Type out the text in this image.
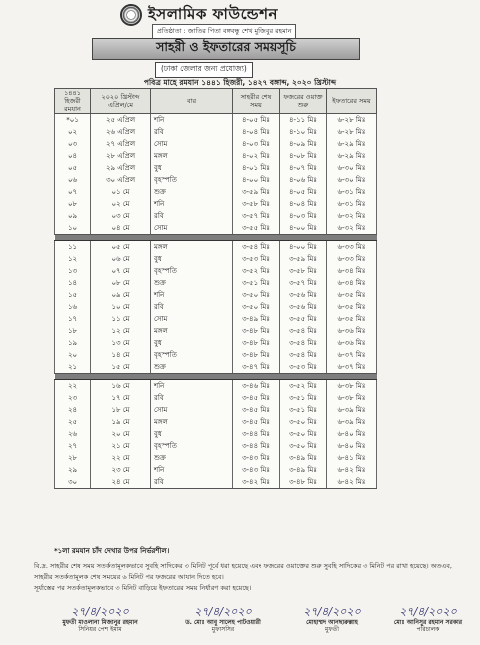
ইসলামিক ফাউন্ডেশন
প্রতিষ্ঠাতা : জাতির পিতা বঙ্গবন্ধু শেখ মুজিবুর রহমান
সাহরী ও ইফতারের সময়সূচি
(ঢাকা জেলার জন্য প্রযোজ্য)
পবিত্র মাহে রমযান ১৪৪১ হিজরী, ১৪২৭ বঙ্গাব্দ, ২০২০ খ্রিস্টাব্দ
১৪৪১ হিজরী রমযান	২০২০ খ্রিস্টাব্দ এপ্রিল/মে	বার	সাহরীর শেষ সময়	ফজরের ওয়াক্ত শুরু	ইফতারের সময়
*০১	২৫ এপ্রিল	শনি	৪-০৫ মিঃ	৪-১১ মিঃ	৬-২৮ মিঃ
০২	২৬ এপ্রিল	রবি	৪-০৪ মিঃ	৪-১০ মিঃ	৬-২৮ মিঃ
০৩	২৭ এপ্রিল	সোম	৪-০৩ মিঃ	৪-০৯ মিঃ	৬-২৯ মিঃ
০৪	২৮ এপ্রিল	মঙ্গল	৪-০২ মিঃ	৪-০৮ মিঃ	৬-২৯ মিঃ
০৫	২৯ এপ্রিল	বুধ	৪-০১ মিঃ	৪-০৭ মিঃ	৬-৩০ মিঃ
০৬	৩০ এপ্রিল	বৃহস্পতি	৪-০০ মিঃ	৪-০৬ মিঃ	৬-৩০ মিঃ
০৭	০১ মে	শুক্র	৩-৫৯ মিঃ	৪-০৫ মিঃ	৬-৩১ মিঃ
০৮	০২ মে	শনি	৩-৫৮ মিঃ	৪-০৪ মিঃ	৬-৩১ মিঃ
০৯	০৩ মে	রবি	৩-৫৭ মিঃ	৪-০৩ মিঃ	৬-৩২ মিঃ
১০	০৪ মে	সোম	৩-৫৫ মিঃ	৪-০০ মিঃ	৬-৩২ মিঃ

১১	০৫ মে	মঙ্গল	৩-৫৪ মিঃ	৪-০০ মিঃ	৬-৩৩ মিঃ
১২	০৬ মে	বুধ	৩-৫৩ মিঃ	৩-৫৯ মিঃ	৬-৩৩ মিঃ
১৩	০৭ মে	বৃহস্পতি	৩-৫২ মিঃ	৩-৫৮ মিঃ	৬-৩৪ মিঃ
১৪	০৮ মে	শুক্র	৩-৫১ মিঃ	৩-৫৭ মিঃ	৬-৩৪ মিঃ
১৫	০৯ মে	শনি	৩-৫০ মিঃ	৩-৫৬ মিঃ	৬-৩৫ মিঃ
১৬	১০ মে	রবি	৩-৫০ মিঃ	৩-৫৬ মিঃ	৬-৩৫ মিঃ
১৭	১১ মে	সোম	৩-৪৯ মিঃ	৩-৫৫ মিঃ	৬-৩৫ মিঃ
১৮	১২ মে	মঙ্গল	৩-৪৮ মিঃ	৩-৫৪ মিঃ	৬-৩৬ মিঃ
১৯	১৩ মে	বুধ	৩-৪৮ মিঃ	৩-৫৪ মিঃ	৬-৩৬ মিঃ
২০	১৪ মে	বৃহস্পতি	৩-৪৮ মিঃ	৩-৫৪ মিঃ	৬-৩৭ মিঃ
২১	১৫ মে	শুক্র	৩-৪৭ মিঃ	৩-৫৩ মিঃ	৬-৩৭ মিঃ

২২	১৬ মে	শনি	৩-৪৬ মিঃ	৩-৫২ মিঃ	৬-৩৮ মিঃ
২৩	১৭ মে	রবি	৩-৪৫ মিঃ	৩-৫১ মিঃ	৬-৩৮ মিঃ
২৪	১৮ মে	সোম	৩-৪৫ মিঃ	৩-৫১ মিঃ	৬-৩৯ মিঃ
২৫	১৯ মে	মঙ্গল	৩-৪৫ মিঃ	৩-৫০ মিঃ	৬-৩৯ মিঃ
২৬	২০ মে	বুধ	৩-৪৪ মিঃ	৩-৫০ মিঃ	৬-৪০ মিঃ
২৭	২১ মে	বৃহস্পতি	৩-৪৪ মিঃ	৩-৫০ মিঃ	৬-৪০ মিঃ
২৮	২২ মে	শুক্র	৩-৪৩ মিঃ	৩-৪৯ মিঃ	৬-৪১ মিঃ
২৯	২৩ মে	শনি	৩-৪৩ মিঃ	৩-৪৯ মিঃ	৬-৪২ মিঃ
৩০	২৪ মে	রবি	৩-৪২ মিঃ	৩-৪৮ মিঃ	৬-৪২ মিঃ
*১লা রমযান চাঁদ দেখার উপর নির্ভরশীল।

বি.দ্র. সাহরীর শেষ সময় সতর্কতামূলকভাবে সুবহি সাদিকের ৩ মিনিট পূর্বে ধরা হয়েছে এবং ফজরের ওয়াক্তের শুরু সুবহি সাদিকের ৩ মিনিট পর রাখা হয়েছে। অতএব, সাহরীর সতর্কতামূলক শেষ সময়ের ৬ মিনিট পর ফজরের আযান দিতে হবে।

সূর্যাস্তের পর সতর্কতামূলকভাবে ৩ মিনিট বাড়িয়ে ইফতারের সময় নির্ধারণ করা হয়েছে।

২৭/৪/২০২০
মুফতী মাওলানা মিজানুর রহমান
সিনিয়র পেশ ইমাম
২৭/৪/২০২০
ড. মোঃ আবু সালেহ পাটওয়ারী
মুফাসসির
২৭/৪/২০২০
মোহাম্মদ আনছারুল্লাহ
মুফতী
২৭/৪/২০২০
মোঃ আনিসুর রহমান সরকার
পরিচালক
